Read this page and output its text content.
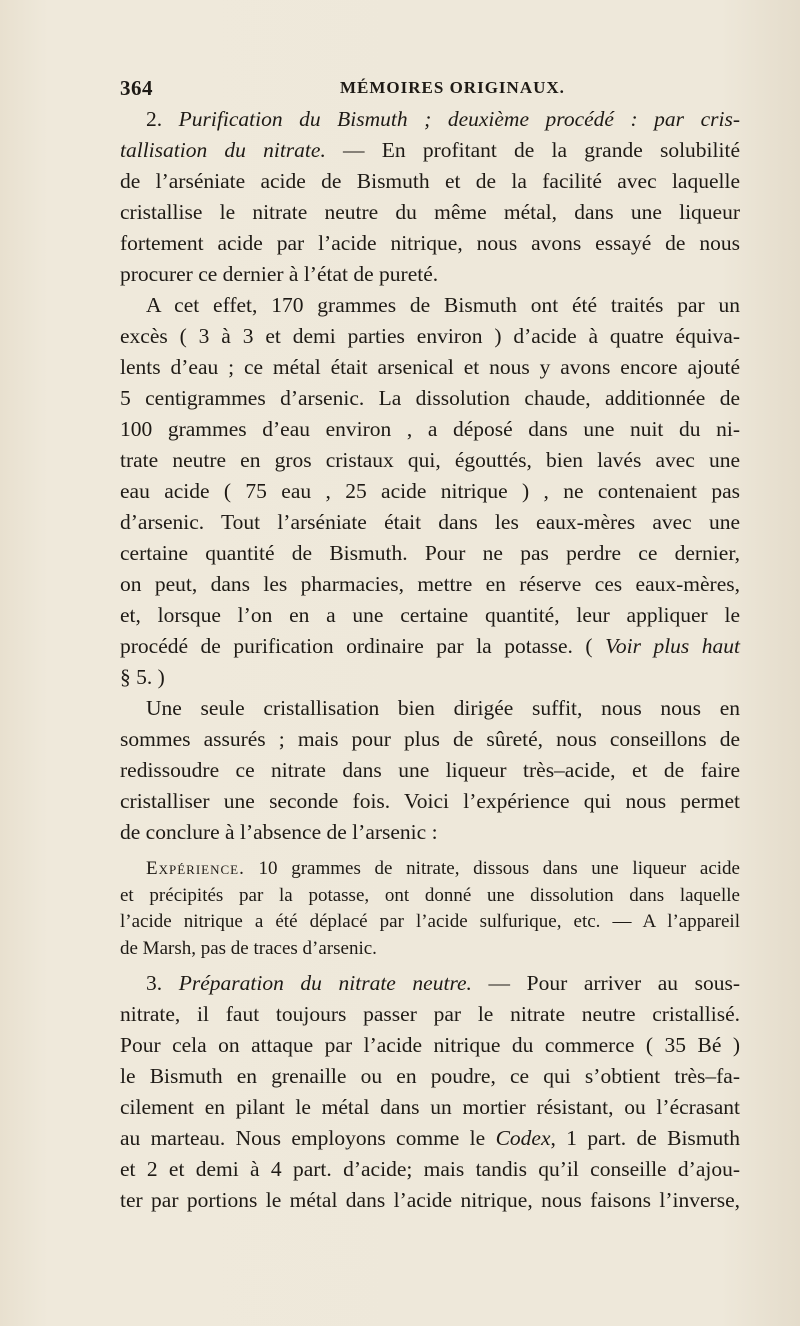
364	MÉMOIRES ORIGINAUX.
2. Purification du Bismuth ; deuxième procédé : par cris-
tallisation du nitrate. — En profitant de la grande solubilité
de l’arséniate acide de Bismuth et de la facilité avec laquelle
cristallise le nitrate neutre du même métal, dans une liqueur
fortement acide par l’acide nitrique, nous avons essayé de nous
procurer ce dernier à l’état de pureté.
A cet effet, 170 grammes de Bismuth ont été traités par un
excès ( 3 à 3 et demi parties environ ) d’acide à quatre équiva-
lents d’eau ; ce métal était arsenical et nous y avons encore ajouté
5 centigrammes d’arsenic. La dissolution chaude, additionnée de
100 grammes d’eau environ , a déposé dans une nuit du ni-
trate neutre en gros cristaux qui, égouttés, bien lavés avec une
eau acide ( 75 eau , 25 acide nitrique ) , ne contenaient pas
d’arsenic. Tout l’arséniate était dans les eaux-mères avec une
certaine quantité de Bismuth. Pour ne pas perdre ce dernier,
on peut, dans les pharmacies, mettre en réserve ces eaux-mères,
et, lorsque l’on en a une certaine quantité, leur appliquer le
procédé de purification ordinaire par la potasse. ( Voir plus haut
§ 5. )
Une seule cristallisation bien dirigée suffit, nous nous en
sommes assurés ; mais pour plus de sûreté, nous conseillons de
redissoudre ce nitrate dans une liqueur très–acide, et de faire
cristalliser une seconde fois. Voici l’expérience qui nous permet
de conclure à l’absence de l’arsenic :
Expérience. 10 grammes de nitrate, dissous dans une liqueur acide
et précipités par la potasse, ont donné une dissolution dans laquelle
l’acide nitrique a été déplacé par l’acide sulfurique, etc. — A l’appareil
de Marsh, pas de traces d’arsenic.
3. Préparation du nitrate neutre. — Pour arriver au sous-
nitrate, il faut toujours passer par le nitrate neutre cristallisé.
Pour cela on attaque par l’acide nitrique du commerce ( 35 Bé )
le Bismuth en grenaille ou en poudre, ce qui s’obtient très–fa-
cilement en pilant le métal dans un mortier résistant, ou l’écrasant
au marteau. Nous employons comme le Codex, 1 part. de Bismuth
et 2 et demi à 4 part. d’acide; mais tandis qu’il conseille d’ajou-
ter par portions le métal dans l’acide nitrique, nous faisons l’inverse,
